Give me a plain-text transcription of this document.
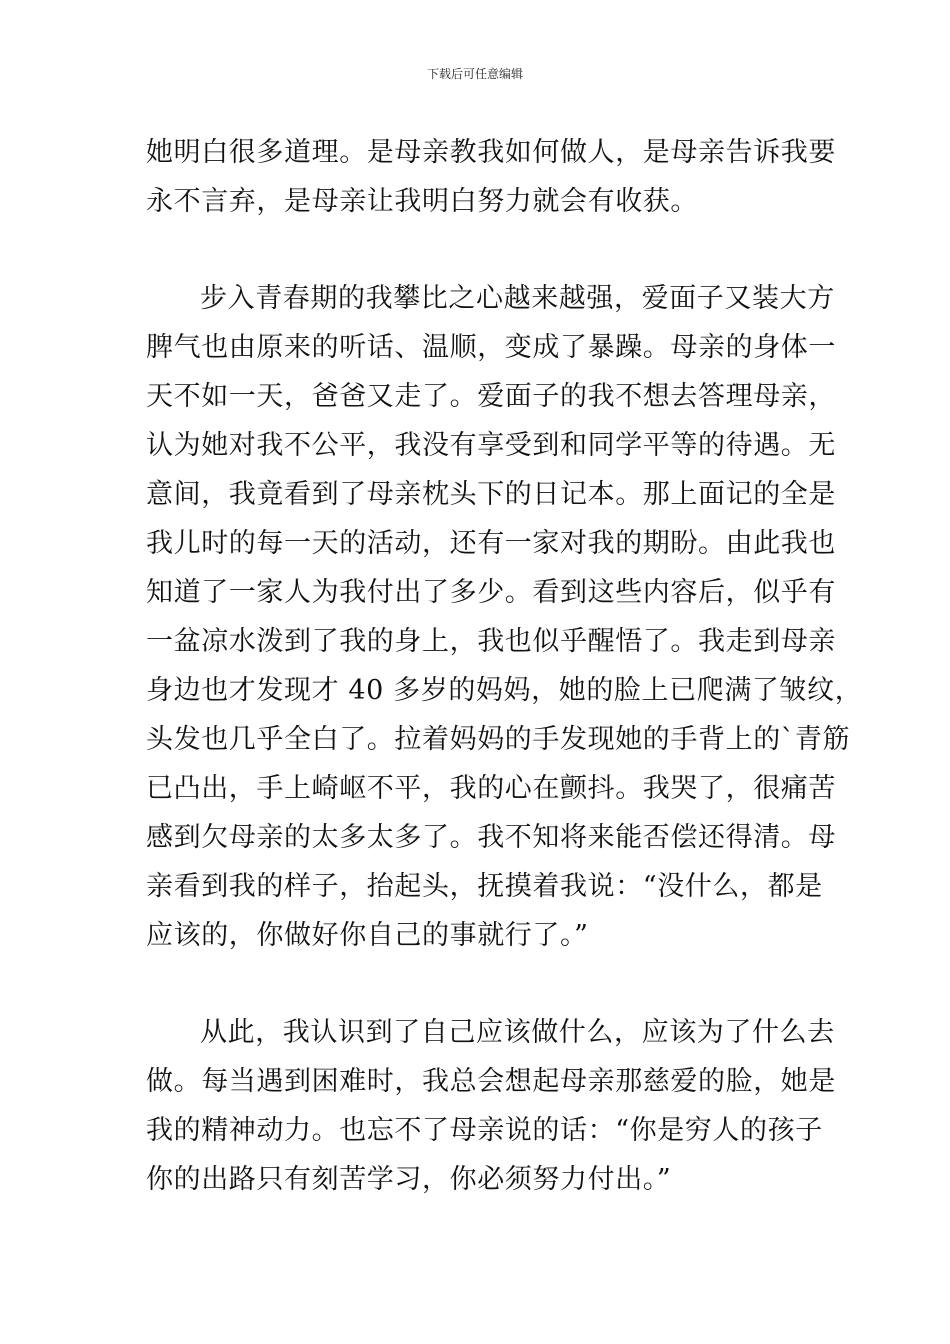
下载后可任意编辑
她明白很多道理。是母亲教我如何做人，是母亲告诉我要
永不言弃，是母亲让我明白努力就会有收获。
步入青春期的我攀比之心越来越强，爱面子又装大方
脾气也由原来的听话、温顺，变成了暴躁。母亲的身体一
天不如一天，爸爸又走了。爱面子的我不想去答理母亲，
认为她对我不公平，我没有享受到和同学平等的待遇。无
意间，我竟看到了母亲枕头下的日记本。那上面记的全是
我儿时的每一天的活动，还有一家对我的期盼。由此我也
知道了一家人为我付出了多少。看到这些内容后，似乎有
一盆凉水泼到了我的身上，我也似乎醒悟了。我走到母亲
身边也才发现才 40 多岁的妈妈，她的脸上已爬满了皱纹，
头发也几乎全白了。拉着妈妈的手发现她的手背上的`青筋
已凸出，手上崎岖不平，我的心在颤抖。我哭了，很痛苦
感到欠母亲的太多太多了。我不知将来能否偿还得清。母
亲看到我的样子，抬起头，抚摸着我说：“没什么，都是
应该的，你做好你自己的事就行了。”
从此，我认识到了自己应该做什么，应该为了什么去
做。每当遇到困难时，我总会想起母亲那慈爱的脸，她是
我的精神动力。也忘不了母亲说的话：“你是穷人的孩子
你的出路只有刻苦学习，你必须努力付出。”
